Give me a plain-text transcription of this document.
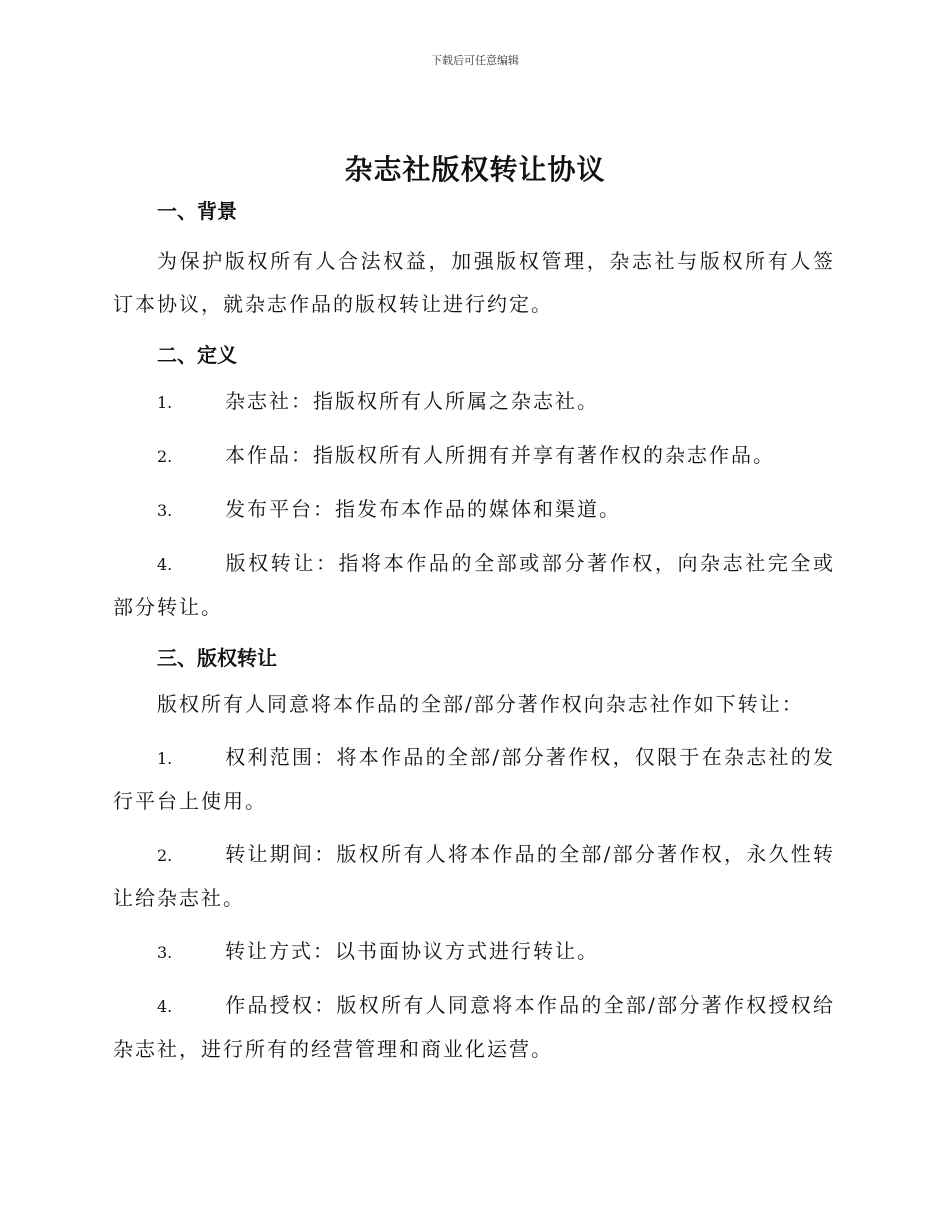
下载后可任意编辑
杂志社版权转让协议
一、背景

为保护版权所有人合法权益，加强版权管理，杂志社与版权所有人签订本协议，就杂志作品的版权转让进行约定。

二、定义

1.	杂志社：指版权所有人所属之杂志社。

2.	本作品：指版权所有人所拥有并享有著作权的杂志作品。

3.	发布平台：指发布本作品的媒体和渠道。

4.	版权转让：指将本作品的全部或部分著作权，向杂志社完全或部分转让。

三、版权转让

版权所有人同意将本作品的全部/部分著作权向杂志社作如下转让：

1.	权利范围：将本作品的全部/部分著作权，仅限于在杂志社的发行平台上使用。

2.	转让期间：版权所有人将本作品的全部/部分著作权，永久性转让给杂志社。

3.	转让方式：以书面协议方式进行转让。

4.	作品授权：版权所有人同意将本作品的全部/部分著作权授权给杂志社，进行所有的经营管理和商业化运营。
